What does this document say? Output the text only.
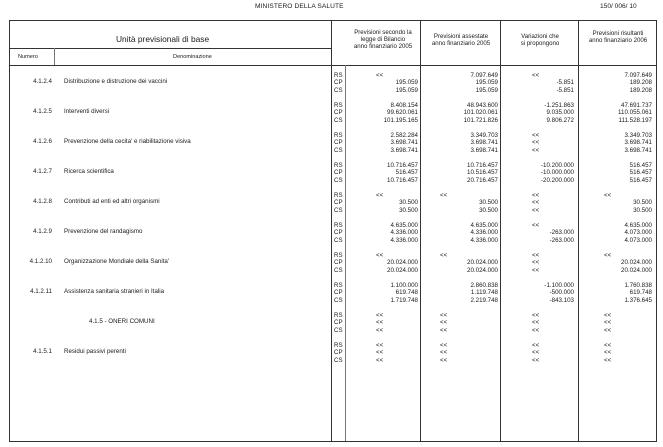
MINISTERO DELLA SALUTE	150/ 006/ 10
Unità previsionali di base
Numero	Denominazione
Previsioni secondo la
legge di Bilancio
anno finanziario 2005
Previsioni assestate
anno finanziario 2005
Variazioni che
si propongono
Previsioni risultanti
anno finanziario 2006
4.1.2.4 Distribuzione e distruzione dei vaccini
RS
CP
CS
<<
195.059
195.059
7.097.649
195.059
195.059
<<
-5.851
-5.851
7.097.649
189.208
189.208
4.1.2.5 Interventi diversi
RS
CP
CS
8.408.154
99.620.061
101.195.165
48.943.600
101.020.061
101.721.826
-1.251.863
9.035.000
9.806.272
47.691.737
110.055.061
111.528.197
4.1.2.6 Prevenzione della cecita' e riabilitazione visiva
RS
CP
CS
2.582.284
3.698.741
3.698.741
3.349.703
3.698.741
3.698.741
<<
<<
<<
3.349.703
3.698.741
3.698.741
4.1.2.7 Ricerca scientifica
RS
CP
CS
10.716.457
516.457
10.716.457
10.716.457
10.516.457
20.716.457
-10.200.000
-10.000.000
-20.200.000
516.457
516.457
516.457
4.1.2.8 Contributi ad enti ed altri organismi
RS
CP
CS
<<
30.500
30.500
<<
30.500
30.500
<<
<<
<<
<<
30.500
30.500
4.1.2.9 Prevenzione del randagismo
RS
CP
CS
4.635.000
4.336.000
4.336.000
4.635.000
4.336.000
4.336.000
<<
-263.000
-263.000
4.635.000
4.073.000
4.073.000
4.1.2.10 Organizzazione Mondiale della Sanita'
RS
CP
CS
<<
20.024.000
20.024.000
<<
20.024.000
20.024.000
<<
<<
<<
<<
20.024.000
20.024.000
4.1.2.11 Assistenza sanitaria stranieri in Italia
RS
CP
CS
1.100.000
619.748
1.719.748
2.860.838
1.119.748
2.219.748
-1.100.000
-500.000
-843.103
1.760.838
619.748
1.376.645
4.1.5 - ONERI COMUNI
RS
CP
CS
<<
<<
<<
<<
<<
<<
<<
<<
<<
<<
<<
<<
4.1.5.1 Residui passivi perenti
RS
CP
CS
<<
<<
<<
<<
<<
<<
<<
<<
<<
<<
<<
<<
